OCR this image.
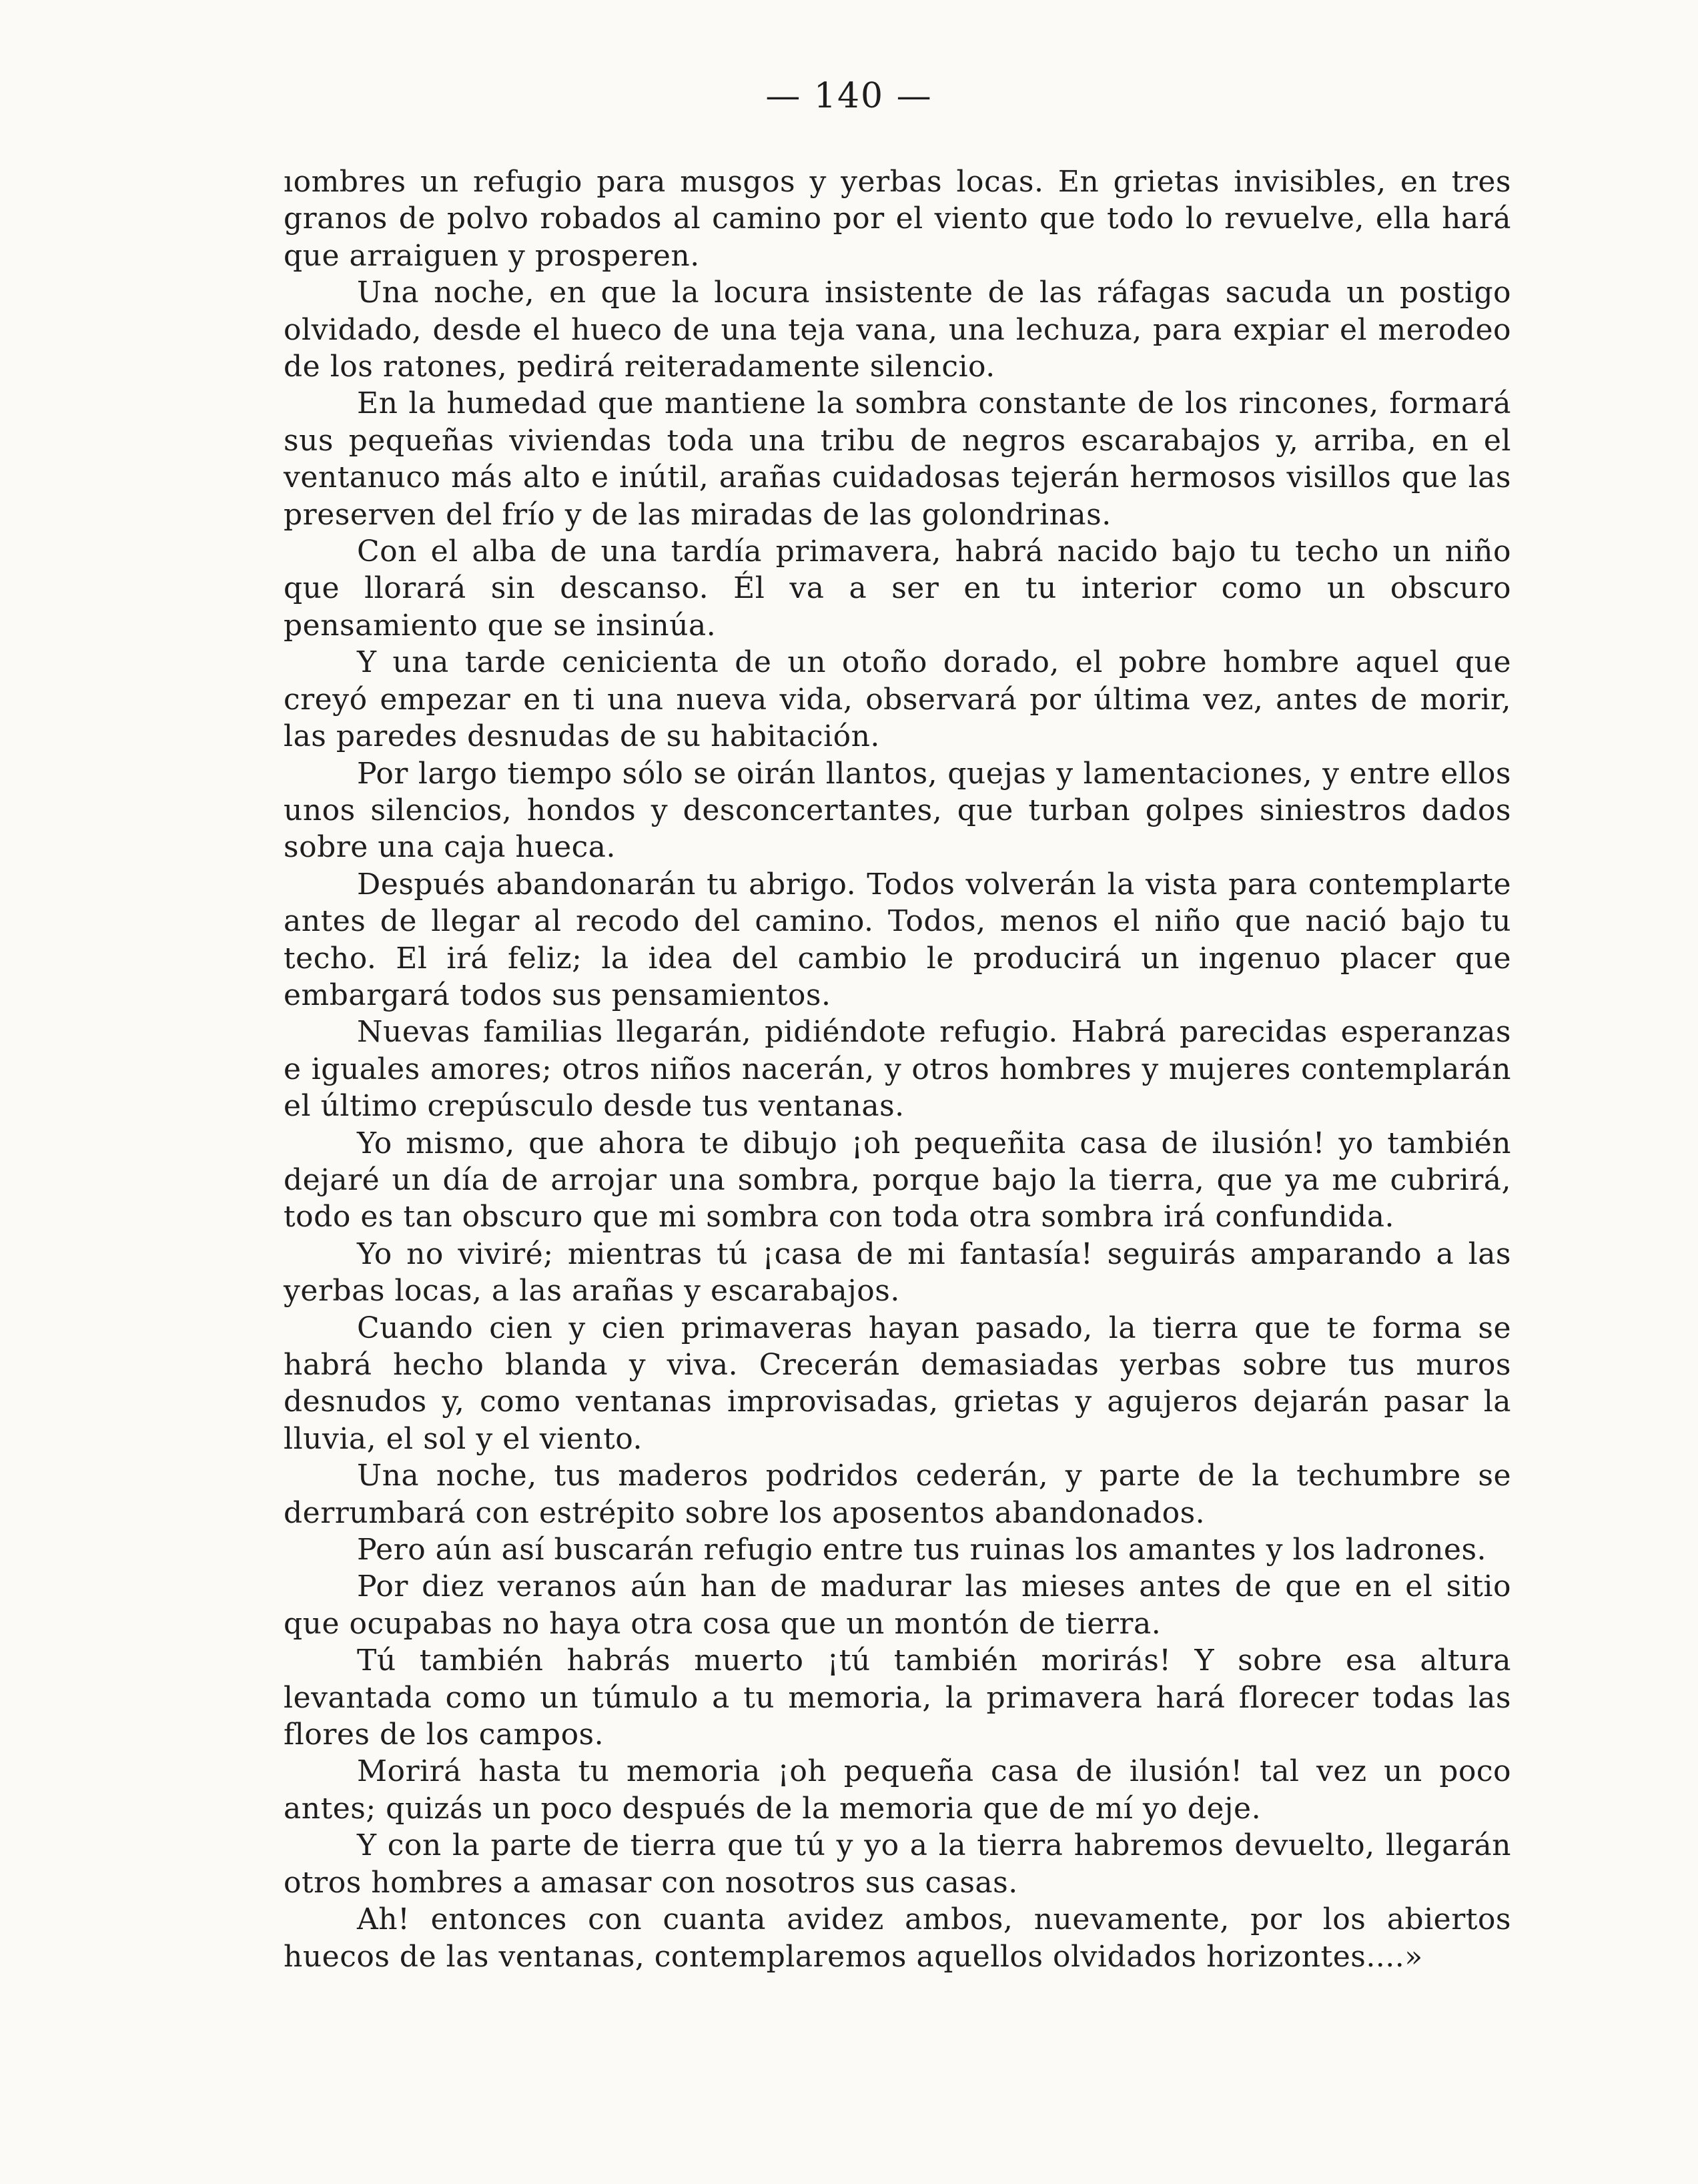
— 140 —

ıombres un refugio para musgos y yerbas locas. En grietas invisibles, en tres granos de polvo robados al camino por el viento que todo lo revuelve, ella hará que arraiguen y prosperen.

Una noche, en que la locura insistente de las ráfagas sacuda un postigo olvidado, desde el hueco de una teja vana, una lechuza, para expiar el merodeo de los ratones, pedirá reiteradamente silencio.

En la humedad que mantiene la sombra constante de los rincones, formará sus pequeñas viviendas toda una tribu de negros escarabajos y, arriba, en el ventanuco más alto e inútil, arañas cuidadosas tejerán hermosos visillos que las preserven del frío y de las miradas de las golondrinas.

Con el alba de una tardía primavera, habrá nacido bajo tu techo un niño que llorará sin descanso. Él va a ser en tu interior como un obscuro pensamiento que se insinúa.

Y una tarde cenicienta de un otoño dorado, el pobre hombre aquel que creyó empezar en ti una nueva vida, observará por última vez, antes de morir, las paredes desnudas de su habitación.

Por largo tiempo sólo se oirán llantos, quejas y lamentaciones, y entre ellos unos silencios, hondos y desconcertantes, que turban golpes siniestros dados sobre una caja hueca.

Después abandonarán tu abrigo. Todos volverán la vista para contemplarte antes de llegar al recodo del camino. Todos, menos el niño que nació bajo tu techo. El irá feliz; la idea del cambio le producirá un ingenuo placer que embargará todos sus pensamientos.

Nuevas familias llegarán, pidiéndote refugio. Habrá parecidas esperanzas e iguales amores; otros niños nacerán, y otros hombres y mujeres contemplarán el último crepúsculo desde tus ventanas.

Yo mismo, que ahora te dibujo ¡oh pequeñita casa de ilusión! yo también dejaré un día de arrojar una sombra, porque bajo la tierra, que ya me cubrirá, todo es tan obscuro que mi sombra con toda otra sombra irá confundida.

Yo no viviré; mientras tú ¡casa de mi fantasía! seguirás amparando a las yerbas locas, a las arañas y escarabajos.

Cuando cien y cien primaveras hayan pasado, la tierra que te forma se habrá hecho blanda y viva. Crecerán demasiadas yerbas sobre tus muros desnudos y, como ventanas improvisadas, grietas y agujeros dejarán pasar la lluvia, el sol y el viento.

Una noche, tus maderos podridos cederán, y parte de la techumbre se derrumbará con estrépito sobre los aposentos abandonados.

Pero aún así buscarán refugio entre tus ruinas los amantes y los ladrones.

Por diez veranos aún han de madurar las mieses antes de que en el sitio que ocupabas no haya otra cosa que un montón de tierra.

Tú también habrás muerto ¡tú también morirás! Y sobre esa altura levantada como un túmulo a tu memoria, la primavera hará florecer todas las flores de los campos.

Morirá hasta tu memoria ¡oh pequeña casa de ilusión! tal vez un poco antes; quizás un poco después de la memoria que de mí yo deje.

Y con la parte de tierra que tú y yo a la tierra habremos devuelto, llegarán otros hombres a amasar con nosotros sus casas.

Ah! entonces con cuanta avidez ambos, nuevamente, por los abiertos huecos de las ventanas, contemplaremos aquellos olvidados horizontes....»
